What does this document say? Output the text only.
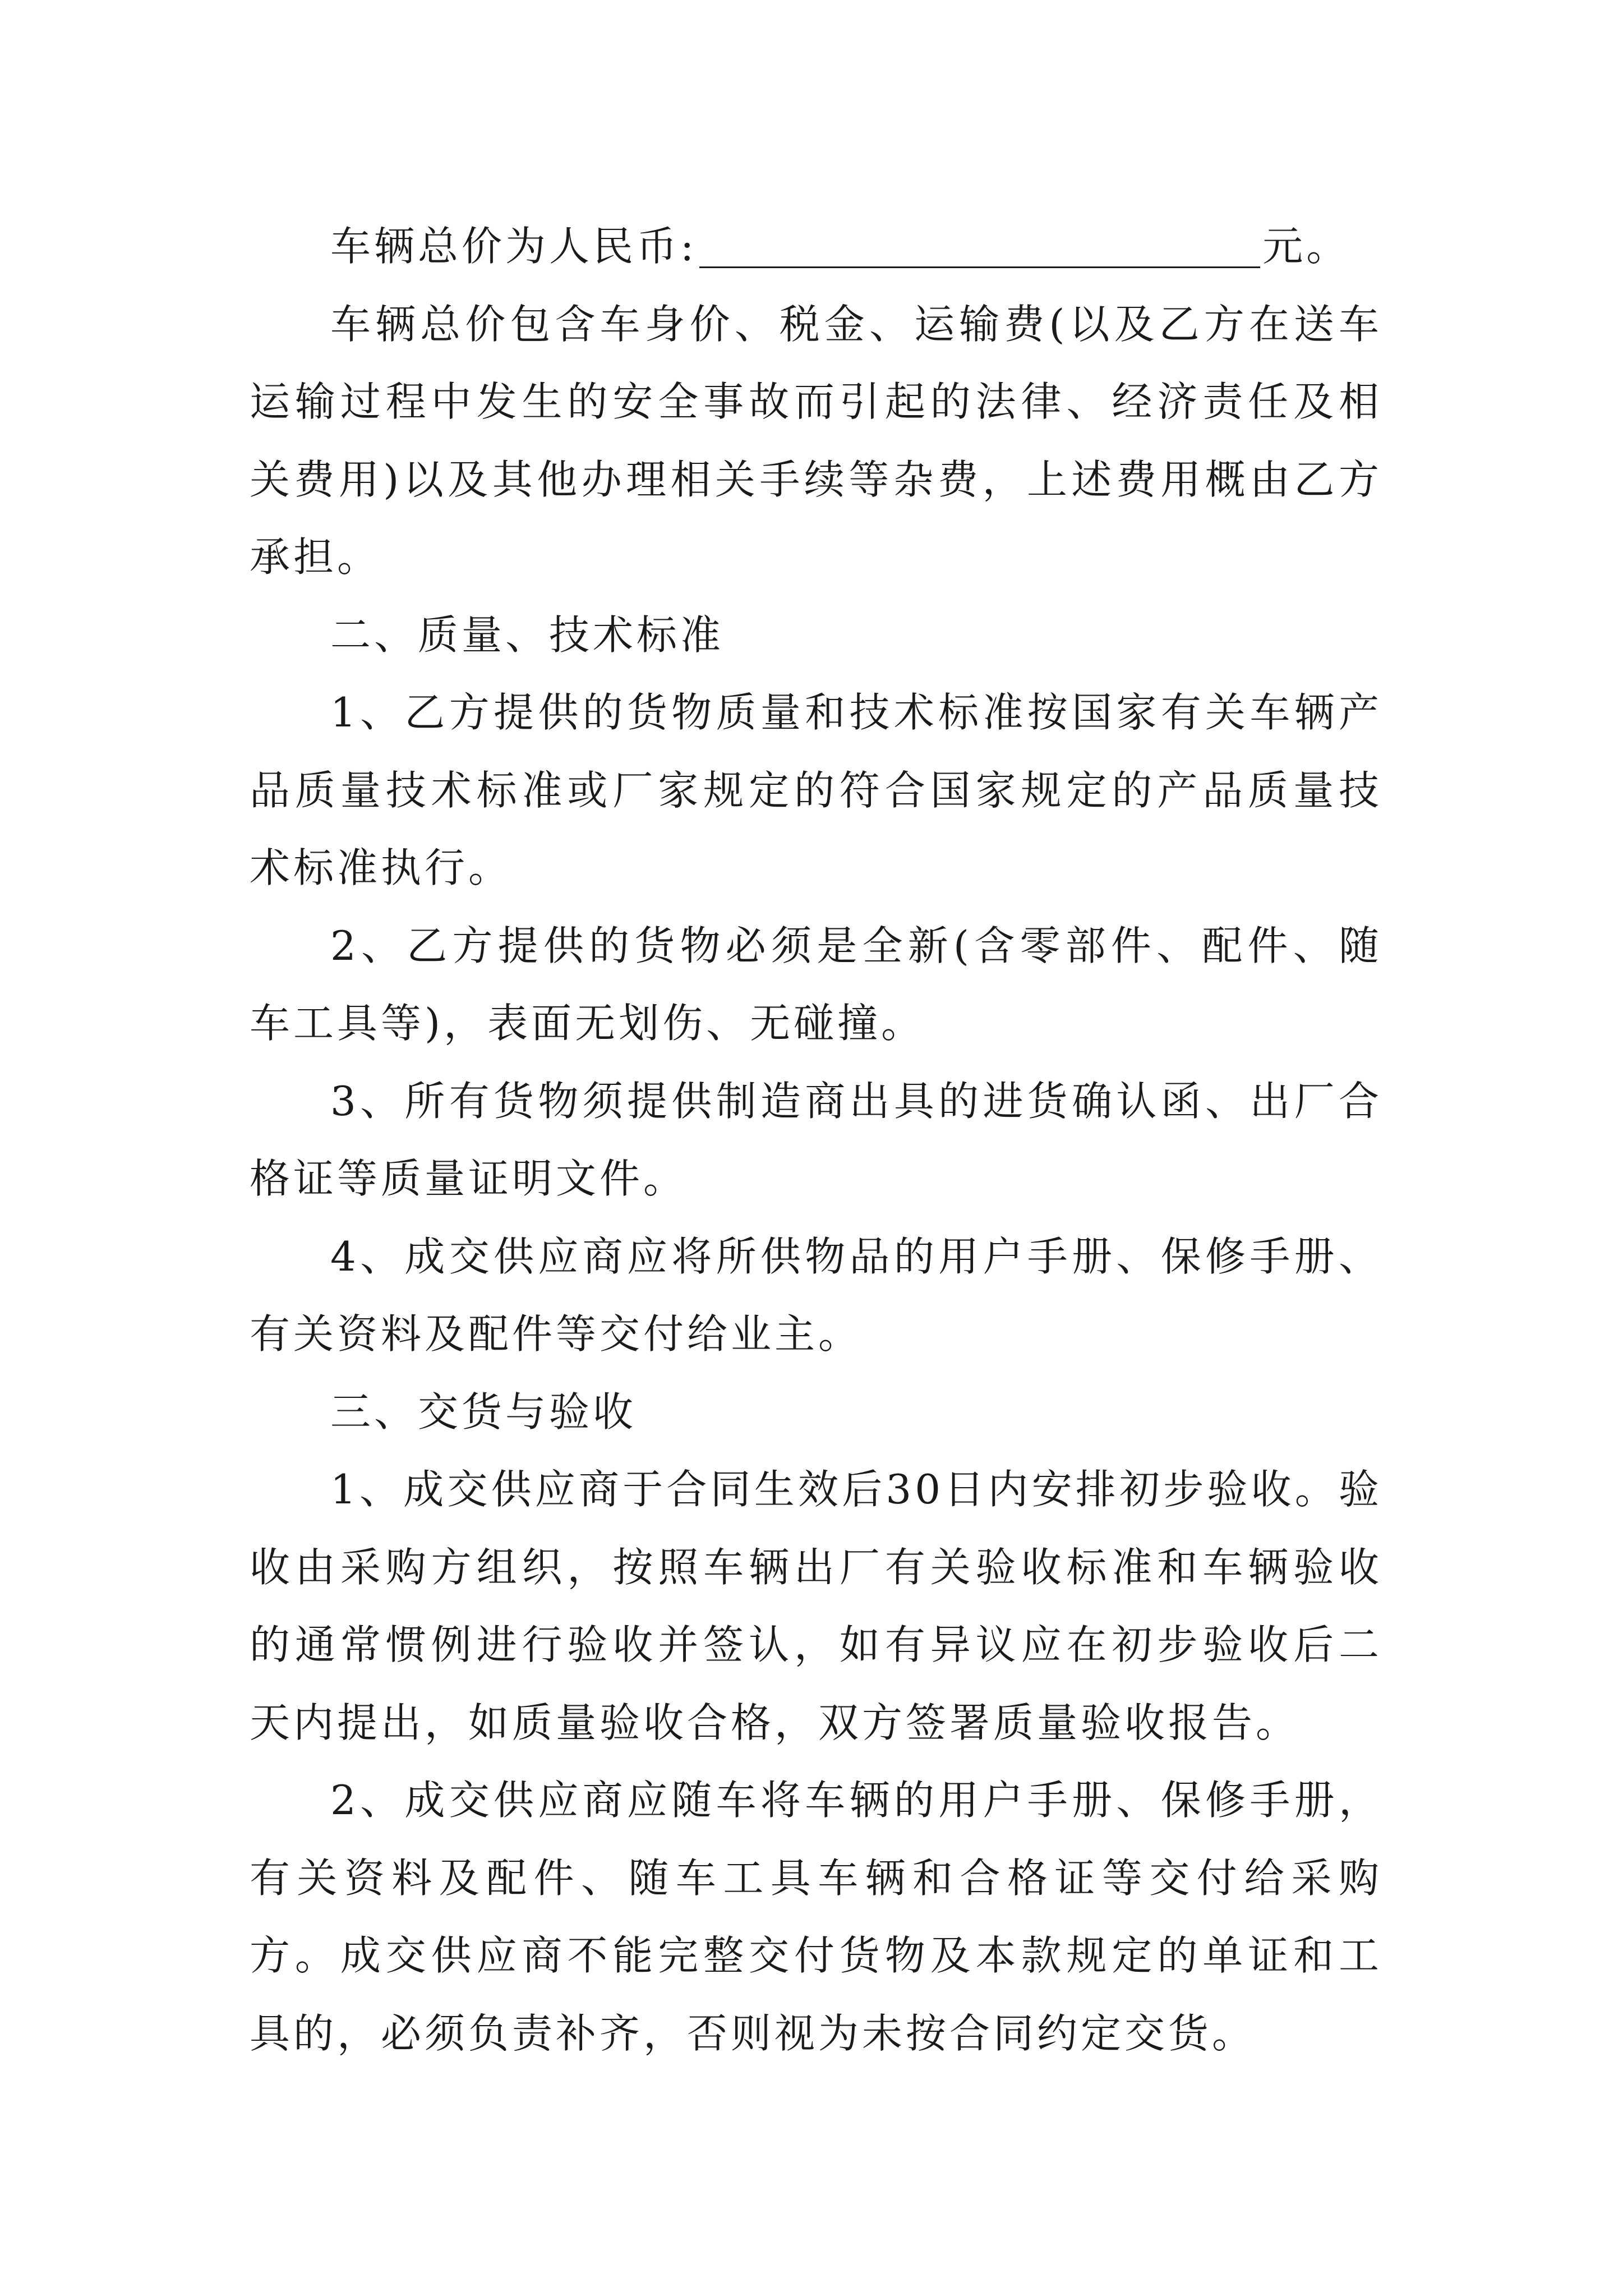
车辆总价为人民币:	元。

车辆总价包含车身价、税金、运输费(以及乙方在送车运输过程中发生的安全事故而引起的法律、经济责任及相关费用)以及其他办理相关手续等杂费，上述费用概由乙方承担。

二、质量、技术标准

1、乙方提供的货物质量和技术标准按国家有关车辆产品质量技术标准或厂家规定的符合国家规定的产品质量技术标准执行。

2、乙方提供的货物必须是全新(含零部件、配件、随车工具等)，表面无划伤、无碰撞。

3、所有货物须提供制造商出具的进货确认函、出厂合格证等质量证明文件。

4、成交供应商应将所供物品的用户手册、保修手册、有关资料及配件等交付给业主。

三、交货与验收

1、成交供应商于合同生效后30日内安排初步验收。验收由采购方组织，按照车辆出厂有关验收标准和车辆验收的通常惯例进行验收并签认，如有异议应在初步验收后二天内提出，如质量验收合格，双方签署质量验收报告。

2、成交供应商应随车将车辆的用户手册、保修手册，有关资料及配件、随车工具车辆和合格证等交付给采购方。成交供应商不能完整交付货物及本款规定的单证和工具的，必须负责补齐，否则视为未按合同约定交货。
